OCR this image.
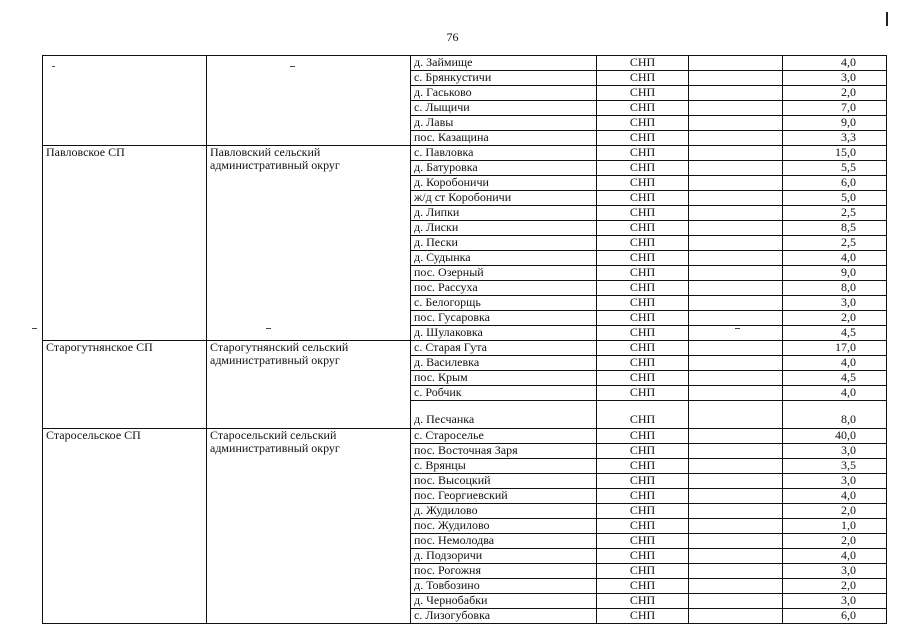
76
		д. Займище	СНП		4,0
		с. Брянкустичи	СНП		3,0
		д. Гаськово	СНП		2,0
		с. Лыщичи	СНП		7,0
		д. Лавы	СНП		9,0
		пос. Казащина	СНП		3,3
Павловское СП	Павловский сельский административный округ	с. Павловка	СНП		15,0
		д. Батуровка	СНП		5,5
		д. Коробоничи	СНП		6,0
		ж/д ст Коробоничи	СНП		5,0
		д. Липки	СНП		2,5
		д. Лиски	СНП		8,5
		д. Пески	СНП		2,5
		д. Судынка	СНП		4,0
		пос. Озерный	СНП		9,0
		пос. Рассуха	СНП		8,0
		с. Белогорщь	СНП		3,0
		пос. Гусаровка	СНП		2,0
		д. Шулаковка	СНП		4,5
Старогутнянское СП	Старогутнянский сельский административный округ	с. Старая Гута	СНП		17,0
		д. Василевка	СНП		4,0
		пос. Крым	СНП		4,5
		с. Робчик	СНП		4,0
		д. Песчанка	СНП		8,0
Старосельское СП	Старосельский сельский административный округ	с. Староселье	СНП		40,0
		пос. Восточная Заря	СНП		3,0
		с. Врянцы	СНП		3,5
		пос. Высоцкий	СНП		3,0
		пос. Георгиевский	СНП		4,0
		д. Жудилово	СНП		2,0
		пос. Жудилово	СНП		1,0
		пос. Немолодва	СНП		2,0
		д. Подзоричи	СНП		4,0
		пос. Рогожня	СНП		3,0
		д. Товбозино	СНП		2,0
		д. Чернобабки	СНП		3,0
		с. Лизогубовка	СНП		6,0
